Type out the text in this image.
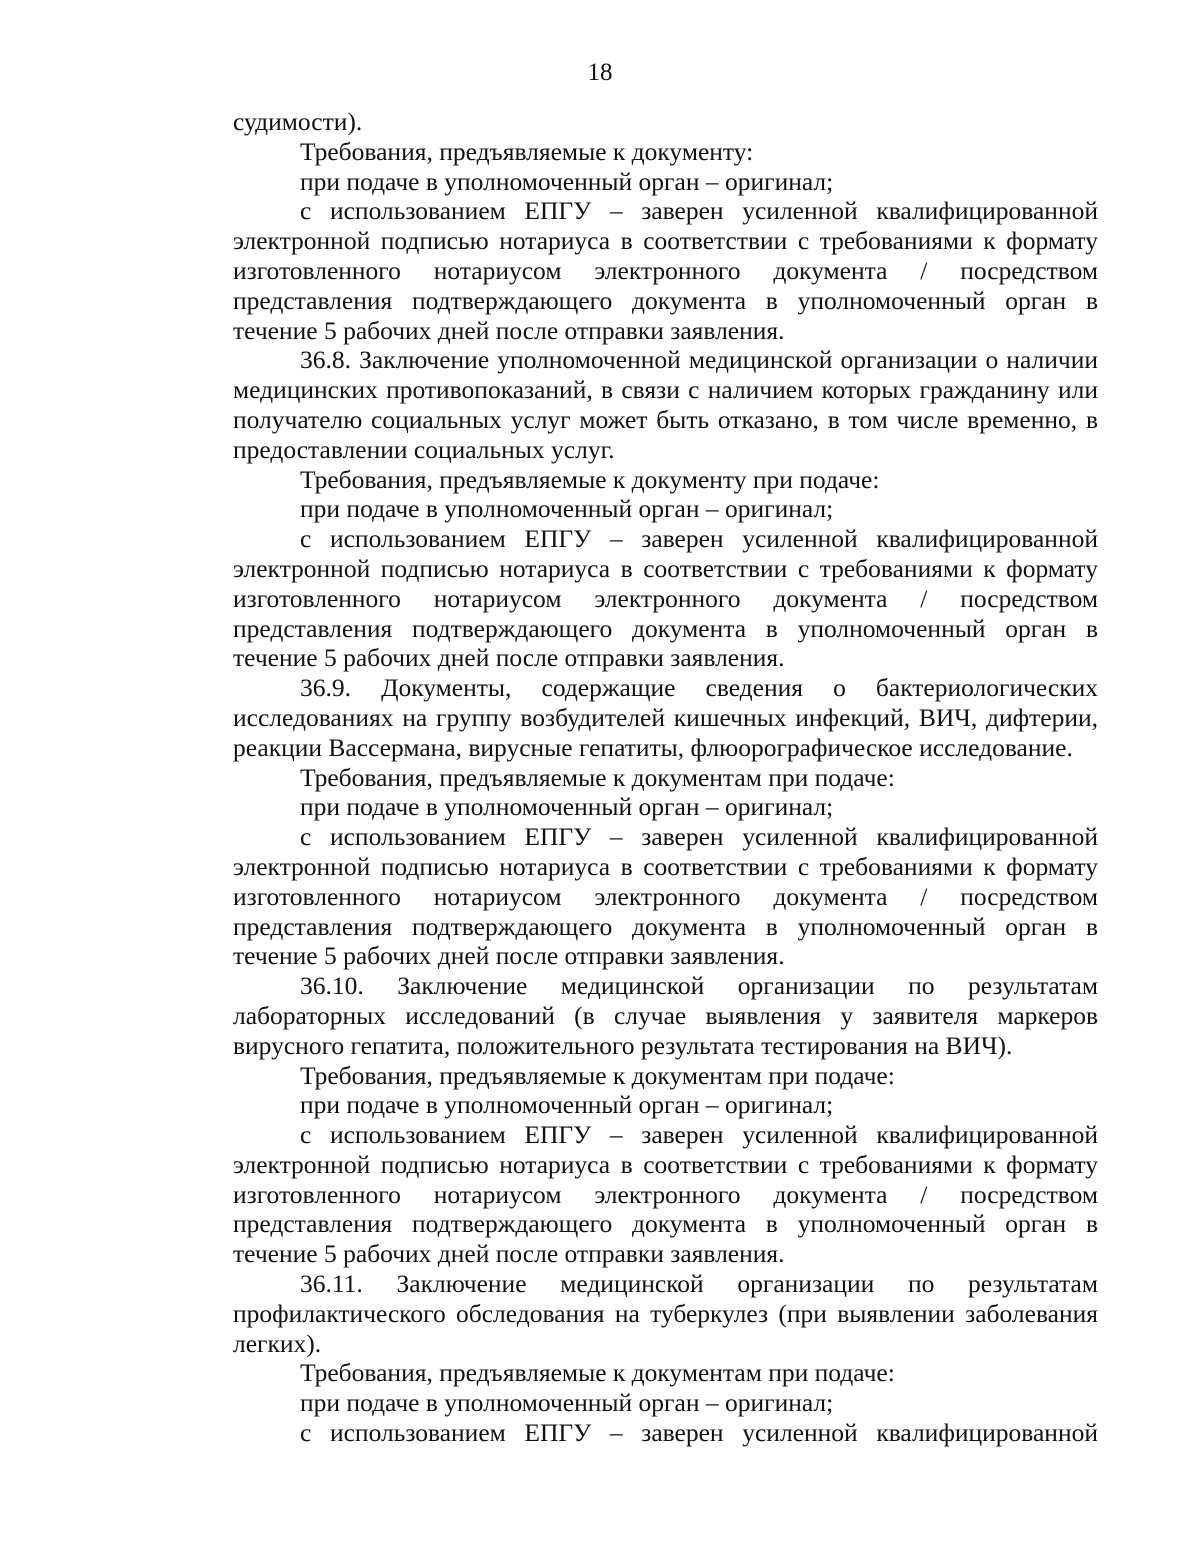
18

судимости).

Требования, предъявляемые к документу:

при подаче в уполномоченный орган – оригинал;

с использованием ЕПГУ – заверен усиленной квалифицированной электронной подписью нотариуса в соответствии с требованиями к формату изготовленного нотариусом электронного документа / посредством представления подтверждающего документа в уполномоченный орган в течение 5 рабочих дней после отправки заявления.

36.8. Заключение уполномоченной медицинской организации о наличии медицинских противопоказаний, в связи с наличием которых гражданину или получателю социальных услуг может быть отказано, в том числе временно, в предоставлении социальных услуг.

Требования, предъявляемые к документу при подаче:

при подаче в уполномоченный орган – оригинал;

с использованием ЕПГУ – заверен усиленной квалифицированной электронной подписью нотариуса в соответствии с требованиями к формату изготовленного нотариусом электронного документа / посредством представления подтверждающего документа в уполномоченный орган в течение 5 рабочих дней после отправки заявления.

36.9. Документы, содержащие сведения о бактериологических исследованиях на группу возбудителей кишечных инфекций, ВИЧ, дифтерии, реакции Вассермана, вирусные гепатиты, флюорографическое исследование.

Требования, предъявляемые к документам при подаче:

при подаче в уполномоченный орган – оригинал;

с использованием ЕПГУ – заверен усиленной квалифицированной электронной подписью нотариуса в соответствии с требованиями к формату изготовленного нотариусом электронного документа / посредством представления подтверждающего документа в уполномоченный орган в течение 5 рабочих дней после отправки заявления.

36.10. Заключение медицинской организации по результатам лабораторных исследований (в случае выявления у заявителя маркеров вирусного гепатита, положительного результата тестирования на ВИЧ).

Требования, предъявляемые к документам при подаче:

при подаче в уполномоченный орган – оригинал;

с использованием ЕПГУ – заверен усиленной квалифицированной электронной подписью нотариуса в соответствии с требованиями к формату изготовленного нотариусом электронного документа / посредством представления подтверждающего документа в уполномоченный орган в течение 5 рабочих дней после отправки заявления.

36.11. Заключение медицинской организации по результатам профилактического обследования на туберкулез (при выявлении заболевания легких).

Требования, предъявляемые к документам при подаче:

при подаче в уполномоченный орган – оригинал;

с использованием ЕПГУ – заверен усиленной квалифицированной
